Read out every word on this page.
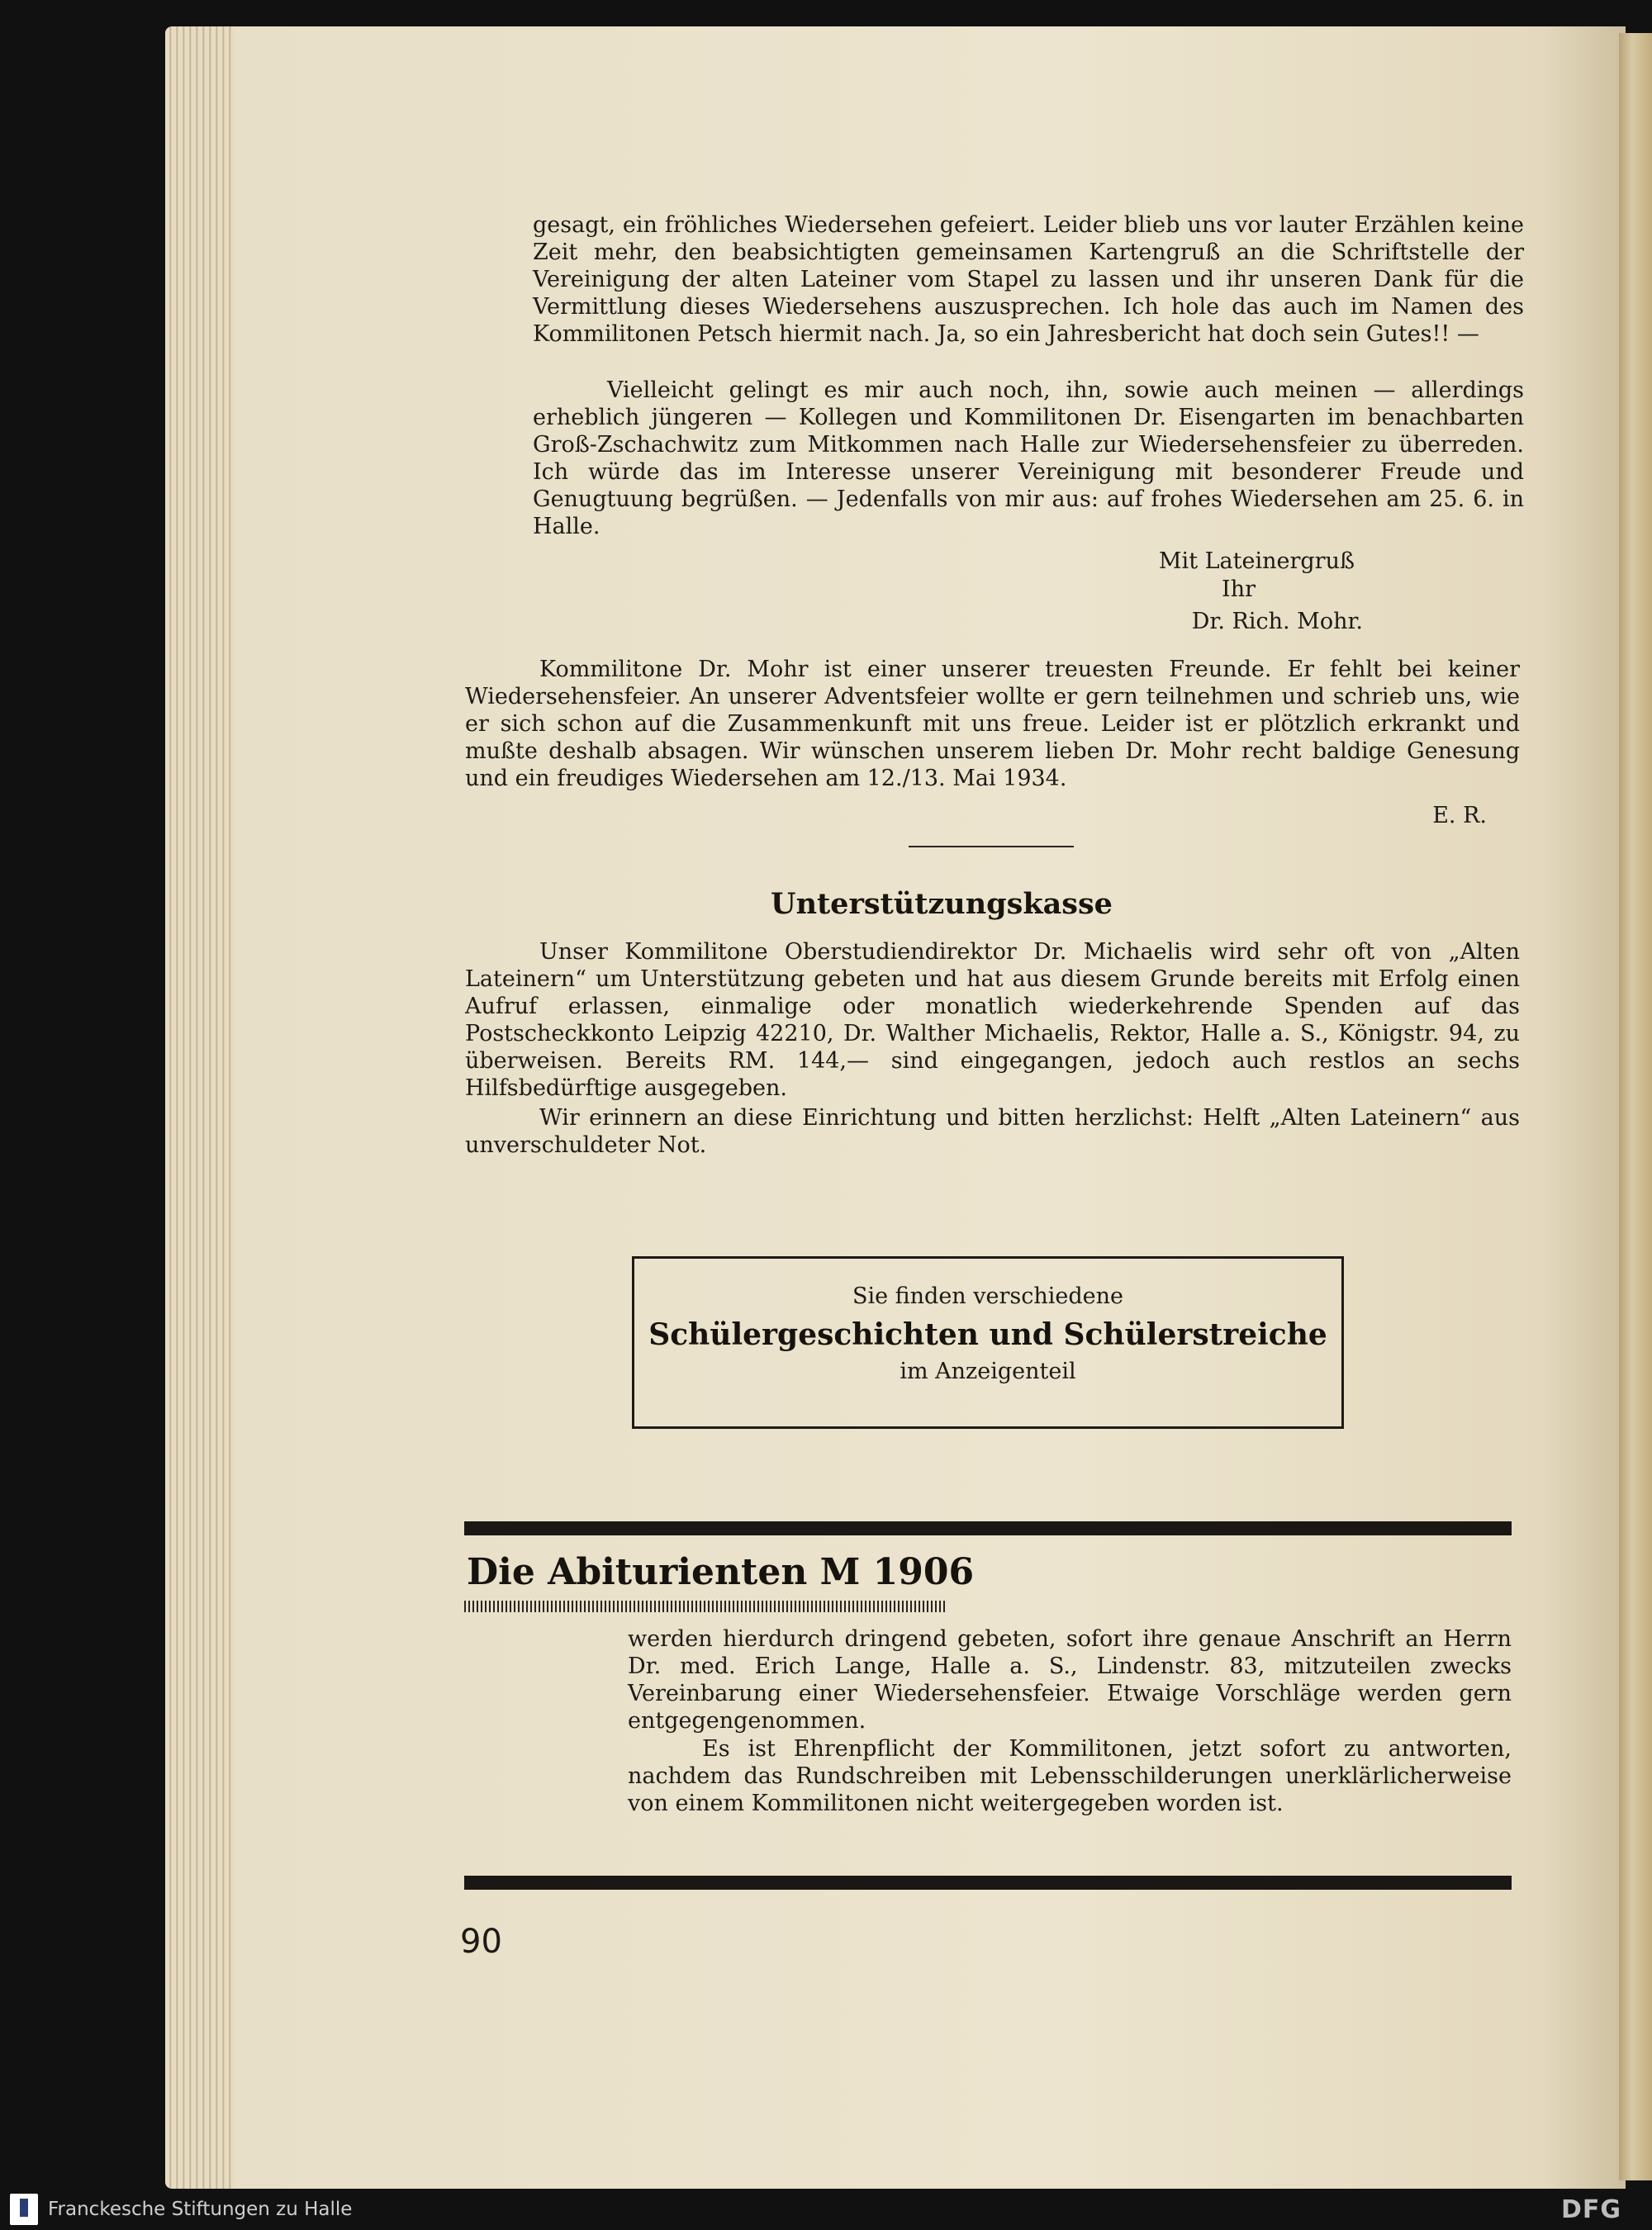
gesagt, ein fröhliches Wiedersehen gefeiert. Leider blieb uns vor lauter Erzählen keine Zeit mehr, den beabsichtigten gemeinsamen Kartengruß an die Schriftstelle der Vereinigung der alten Lateiner vom Stapel zu lassen und ihr unseren Dank für die Vermittlung dieses Wiedersehens auszusprechen. Ich hole das auch im Namen des Kommilitonen Petsch hiermit nach. Ja, so ein Jahresbericht hat doch sein Gutes!! —

Vielleicht gelingt es mir auch noch, ihn, sowie auch meinen — allerdings erheblich jüngeren — Kollegen und Kommilitonen Dr. Eisengarten im benachbarten Groß-Zschachwitz zum Mitkommen nach Halle zur Wiedersehensfeier zu überreden. Ich würde das im Interesse unserer Vereinigung mit besonderer Freude und Genugtuung begrüßen. — Jedenfalls von mir aus: auf frohes Wiedersehen am 25. 6. in Halle.

Mit Lateinergruß
Ihr
Dr. Rich. Mohr.

Kommilitone Dr. Mohr ist einer unserer treuesten Freunde. Er fehlt bei keiner Wiedersehensfeier. An unserer Adventsfeier wollte er gern teilnehmen und schrieb uns, wie er sich schon auf die Zusammenkunft mit uns freue. Leider ist er plötzlich erkrankt und mußte deshalb absagen. Wir wünschen unserem lieben Dr. Mohr recht baldige Genesung und ein freudiges Wiedersehen am 12./13. Mai 1934.

E. R.
Unterstützungskasse

Unser Kommilitone Oberstudiendirektor Dr. Michaelis wird sehr oft von „Alten Lateinern“ um Unterstützung gebeten und hat aus diesem Grunde bereits mit Erfolg einen Aufruf erlassen, einmalige oder monatlich wiederkehrende Spenden auf das Postscheckkonto Leipzig 42210, Dr. Walther Michaelis, Rektor, Halle a. S., Königstr. 94, zu überweisen. Bereits RM. 144,— sind eingegangen, jedoch auch restlos an sechs Hilfsbedürftige ausgegeben.

Wir erinnern an diese Einrichtung und bitten herzlichst: Helft „Alten Lateinern“ aus unverschuldeter Not.

Sie finden verschiedene
Schülergeschichten und Schülerstreiche
im Anzeigenteil
Die Abiturienten M 1906

werden hierdurch dringend gebeten, sofort ihre genaue Anschrift an Herrn Dr. med. Erich Lange, Halle a. S., Lindenstr. 83, mitzuteilen zwecks Vereinbarung einer Wiedersehensfeier. Etwaige Vorschläge werden gern entgegengenommen.

Es ist Ehrenpflicht der Kommilitonen, jetzt sofort zu antworten, nachdem das Rundschreiben mit Lebensschilderungen unerklärlicherweise von einem Kommilitonen nicht weitergegeben worden ist.

90
Franckesche Stiftungen zu Halle	DFG
